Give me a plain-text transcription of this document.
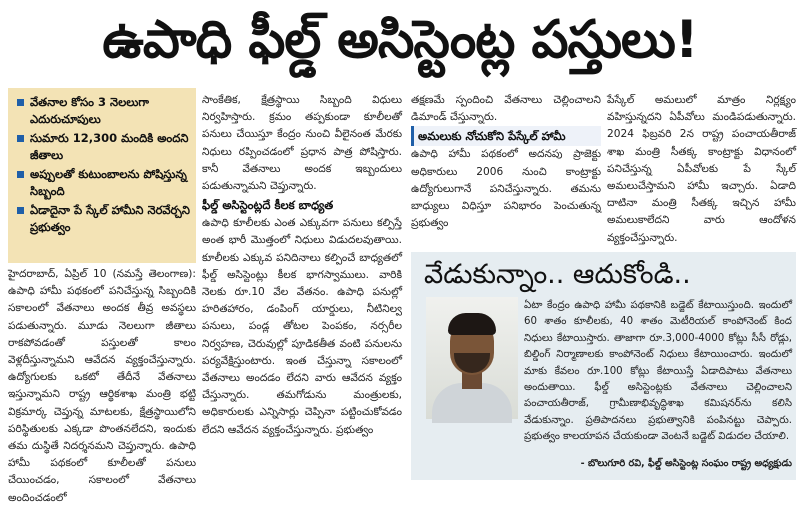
ఉపాధి ఫీల్డ్ అసిస్టెంట్ల పస్తులు!
వేతనాల కోసం 3 నెలలుగా ఎదురుచూపులు
సుమారు 12,300 మందికి అందని జీతాలు
అప్పులతో కుటుంబాలను పోషిస్తున్న సిబ్బంది
ఏడాదైనా పే స్కేల్ హామీని నెరవేర్చని ప్రభుత్వం

హైదరాబాద్, ఏప్రిల్ 10 (నమస్తే తెలంగాణ): ఉపాధి హామీ పథకంలో పనిచేస్తున్న సిబ్బందికి సకాలంలో వేతనాలు అందక తీవ్ర అవస్థలు పడుతున్నారు. మూడు నెలలుగా జీతాలు రాకపోవడంతో పస్తులతో కాలం వెళ్లదీస్తున్నామని ఆవేదన వ్యక్తంచేస్తున్నారు. ఉద్యోగులకు ఒకటో తేదీనే వేతనాలు ఇస్తున్నామని రాష్ట్ర ఆర్థికశాఖ మంత్రి భట్టి విక్రమార్క చెప్తున్న మాటలకు, క్షేత్రస్థాయిలోని పరిస్థితులకు ఎక్కడా పొంతనలేదని, ఇందుకు తమ దుస్థితే నిదర్శనమని చెప్తున్నారు. ఉపాధి హామీ పథకంలో కూలీలతో పనులు చేయించడం, సకాలంలో వేతనాలు అందించడంలో

సాంకేతిక, క్షేత్రస్థాయి సిబ్బంది విధులు నిర్వహిస్తారు. క్రమం తప్పకుండా కూలీలతో పనులు చేయిస్తూ కేంద్రం నుంచి వీలైనంత మేరకు నిధులు రప్పించడంలో ప్రధాన పాత్ర పోషిస్తారు. కానీ వేతనాలు అందక ఇబ్బందులు పడుతున్నామని చెప్తున్నారు.

ఫీల్డ్ అసిస్టెంట్లదే కీలక బాధ్యత

ఉపాధి కూలీలకు ఎంత ఎక్కువగా పనులు కల్పిస్తే అంత భారీ మొత్తంలో నిధులు విడుదలవుతాయి. కూలీలకు ఎక్కువ పనిదినాలు కల్పించే బాధ్యతలో ఫీల్డ్ అసిస్టెంట్లు కీలక భాగస్వాములు. వారికి నెలకు రూ.10 వేల వేతనం. ఉపాధి పనుల్లో హరితహారం, డంపింగ్ యార్డులు, నీటినిల్వ పనులు, పండ్ల తోటల పెంపకం, నర్సరీల నిర్వహణ, చెరువుల్లో పూడికతీత వంటి పనులను పర్యవేక్షిస్తుంటారు. ఇంత చేస్తున్నా సకాలంలో వేతనాలు అందడం లేదని వారు ఆవేదన వ్యక్తం చేస్తున్నారు. తమగోడును మంత్రులకు, అధికారులకు ఎన్నిసార్లు చెప్పినా పట్టించుకోవడం లేదని ఆవేదన వ్యక్తంచేస్తున్నారు. ప్రభుత్వం

తక్షణమే స్పందించి వేతనాలు చెల్లించాలని డిమాండ్ చేస్తున్నారు.

అమలుకు నోచుకోని పేస్కేల్ హామీ

ఉపాధి హామీ పథకంలో అదనపు ప్రాజెక్టు అధికారులు 2006 నుంచి కాంట్రాక్టు ఉద్యోగులుగానే పనిచేస్తున్నారు. తమను బాధ్యులు విధిస్తూ పనిభారం పెంచుతున్న ప్రభుత్వం

పేస్కేల్ అమలులో మాత్రం నిర్లక్ష్యం వహిస్తున్నదని ఏపీవోలు మండిపడుతున్నారు. 2024 ఫిబ్రవరి 2న రాష్ట్ర పంచాయతీరాజ్ శాఖ మంత్రి సీతక్క కాంట్రాక్టు విధానంలో పనిచేస్తున్న ఏపీవోలకు పే స్కేల్ అమలుచేస్తామని హామీ ఇచ్చారు. ఏడాది దాటినా మంత్రి సీతక్క ఇచ్చిన హామీ అమలుకాలేదని వారు ఆందోళన వ్యక్తంచేస్తున్నారు.

వేడుకున్నాం.. ఆదుకోండి..

ఏటా కేంద్రం ఉపాధి హామీ పథకానికి బడ్జెట్ కేటాయిస్తుంది. ఇందులో 60 శాతం కూలీలకు, 40 శాతం మెటీరియల్ కాంపోనెంట్ కింద నిధులు కేటాయిస్తారు. తాజాగా రూ.3,000-4000 కోట్లు సీసీ రోడ్లు, బిల్డింగ్ నిర్మాణాలకు కాంపోనెంట్ నిధులు కేటాయించారు. ఇందులో మాకు కేవలం రూ.100 కోట్లు కేటాయిస్తే ఏడాదిపాటు వేతనాలు అందుతాయి. ఫీల్డ్ అసిస్టెంట్లకు వేతనాలు చెల్లించాలని పంచాయతీరాజ్, గ్రామీణాభివృద్ధిశాఖ కమిషనర్‌ను కలిసి వేడుకున్నాం. ప్రతిపాదనలు ప్రభుత్వానికి పంపినట్టు చెప్పారు. ప్రభుత్వం కాలయాపన చేయకుండా వెంటనే బడ్జెట్ విడుదల చేయాలి.

- బొలుగూరి రవి, ఫీల్డ్ అసిస్టెంట్ల సంఘం రాష్ట్ర అధ్యక్షుడు
